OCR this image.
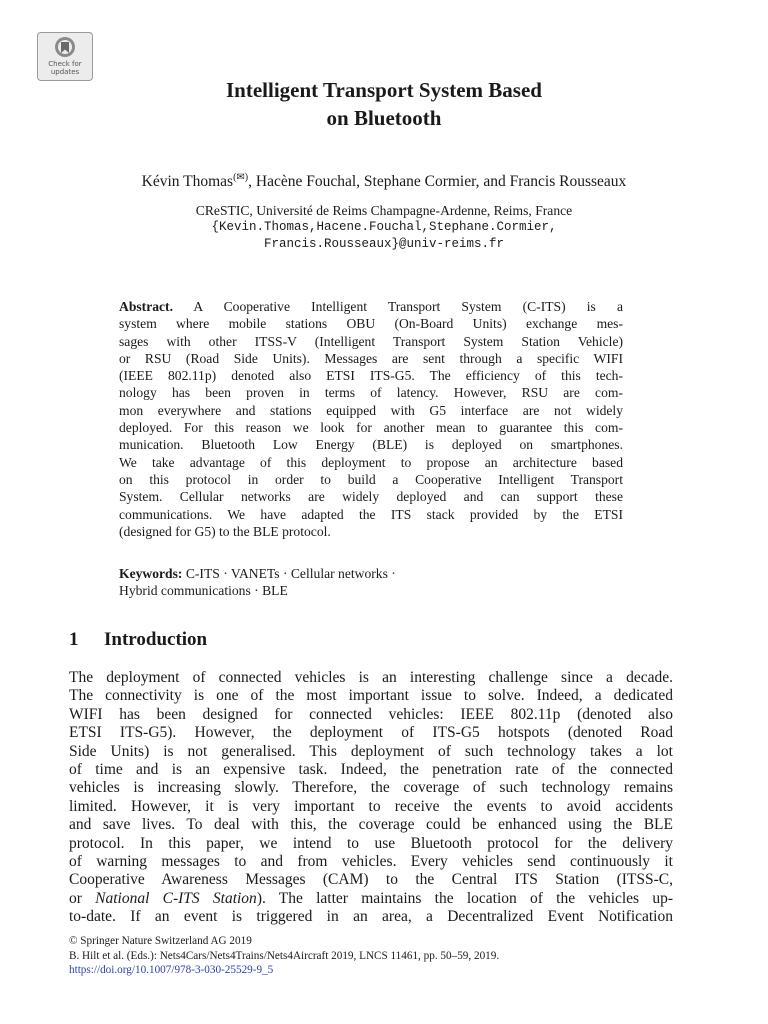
Check for
updates
Intelligent Transport System Based
on Bluetooth
Kévin Thomas(✉), Hacène Fouchal, Stephane Cormier, and Francis Rousseaux
CReSTIC, Université de Reims Champagne-Ardenne, Reims, France
{Kevin.Thomas,Hacene.Fouchal,Stephane.Cormier,
Francis.Rousseaux}@univ-reims.fr
Abstract. A Cooperative Intelligent Transport System (C-ITS) is a
system where mobile stations OBU (On-Board Units) exchange mes-
sages with other ITSS-V (Intelligent Transport System Station Vehicle)
or RSU (Road Side Units). Messages are sent through a specific WIFI
(IEEE 802.11p) denoted also ETSI ITS-G5. The efficiency of this tech-
nology has been proven in terms of latency. However, RSU are com-
mon everywhere and stations equipped with G5 interface are not widely
deployed. For this reason we look for another mean to guarantee this com-
munication. Bluetooth Low Energy (BLE) is deployed on smartphones.
We take advantage of this deployment to propose an architecture based
on this protocol in order to build a Cooperative Intelligent Transport
System. Cellular networks are widely deployed and can support these
communications. We have adapted the ITS stack provided by the ETSI
(designed for G5) to the BLE protocol.
Keywords: C-ITS · VANETs · Cellular networks ·
Hybrid communications · BLE
1 Introduction
The deployment of connected vehicles is an interesting challenge since a decade.
The connectivity is one of the most important issue to solve. Indeed, a dedicated
WIFI has been designed for connected vehicles: IEEE 802.11p (denoted also
ETSI ITS-G5). However, the deployment of ITS-G5 hotspots (denoted Road
Side Units) is not generalised. This deployment of such technology takes a lot
of time and is an expensive task. Indeed, the penetration rate of the connected
vehicles is increasing slowly. Therefore, the coverage of such technology remains
limited. However, it is very important to receive the events to avoid accidents
and save lives. To deal with this, the coverage could be enhanced using the BLE
protocol. In this paper, we intend to use Bluetooth protocol for the delivery
of warning messages to and from vehicles. Every vehicles send continuously it
Cooperative Awareness Messages (CAM) to the Central ITS Station (ITSS-C,
or National C-ITS Station). The latter maintains the location of the vehicles up-
to-date. If an event is triggered in an area, a Decentralized Event Notification
© Springer Nature Switzerland AG 2019
B. Hilt et al. (Eds.): Nets4Cars/Nets4Trains/Nets4Aircraft 2019, LNCS 11461, pp. 50–59, 2019.
https://doi.org/10.1007/978-3-030-25529-9_5
